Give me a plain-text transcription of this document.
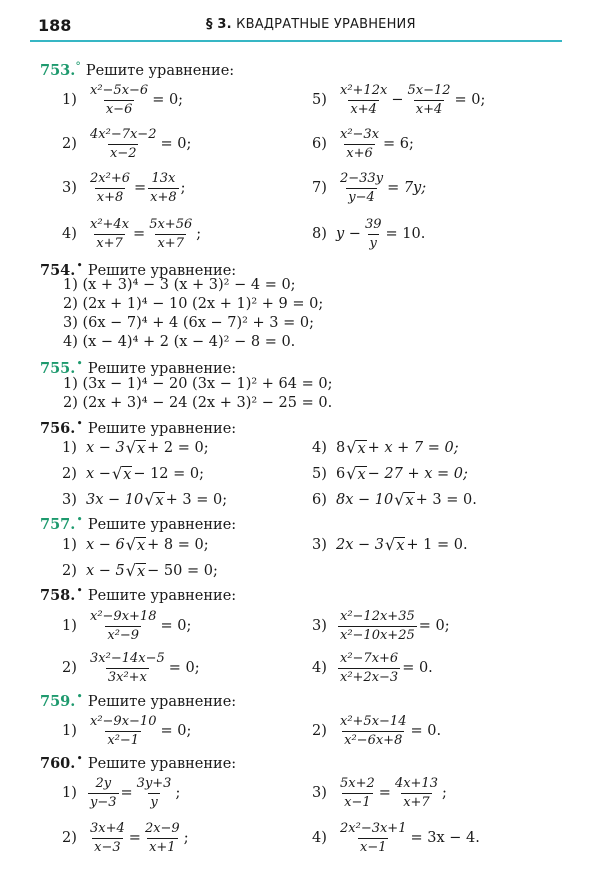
188	§ 3. КВАДРАТНЫЕ УРАВНЕНИЯ
753.° Решите уравнение:
$1) \frac{\text{x²−5x−6}}{x-6} = 0$;
$2) \frac{\text{4x²−7x−2}}{x-2} = 0$;
$3) \frac{\text{2x²+6}}{x+8} = \frac{13x}{x+8}$ ;
$4) \frac{\text{x²+4x}}{x+7} = \frac{5x+56}{x+7}$ ;
$5) \frac{\text{x²+12x}}{x+4} - \frac{5x-12}{x+4} = 0$;
$6) \frac{\text{x²−3x}}{x+6} = 6$;
$7) \frac{2-33y}{y-4} = 7y$;
8) $y - \frac{39}{y} = 10$.
754.• Решите уравнение:
1) (x + 3)⁴ − 3 (x + 3)² − 4 = 0;
2) (2x + 1)⁴ − 10 (2x + 1)² + 9 = 0;
3) (6x − 7)⁴ + 4 (6x − 7)² + 3 = 0;
4) (x − 4)⁴ + 2 (x − 4)² − 8 = 0.
755.• Решите уравнение:
1) (3x − 1)⁴ − 20 (3x − 1)² + 64 = 0;
2) (2x + 3)⁴ − 24 (2x + 3)² − 25 = 0.
756.• Решите уравнение:
1) x − 3 √ x + 2 = 0;
2) x − √ x − 12 = 0;
3) 3x − 10 √ x + 3 = 0;
4) 8 √ x + x + 7 = 0;
5) 6 √ x − 27 + x = 0;
6) 8x − 10 √ x + 3 = 0.
757.• Решите уравнение:
1) x − 6 √ x + 8 = 0;
2) x − 5 √ x − 50 = 0;
3) 2x − 3 √ x + 1 = 0.
758.• Решите уравнение:
$1) \frac{\text{x²−9x+18}}{\text{x²−9}} = 0$;
$2) \frac{\text{3x²−14x−5}}{\text{3x²+x}} = 0$;
$3) \frac{\text{x²−12x+35}}{\text{x²−10x+25}} = 0$;
$4) \frac{\text{x²−7x+6}}{\text{x²+2x−3}} = 0$.
759.• Решите уравнение:
$1) \frac{\text{x²−9x−10}}{\text{x²−1}} = 0$;	$2) \frac{\text{x²+5x−14}}{\text{x²−6x+8}} = 0$.
760.• Решите уравнение:
$1) \frac{2y}{y-3} = \frac{3y+3}{y}$ ;
$2) \frac{3x+4}{x-3} = \frac{2x-9}{x+1}$ ;
$3) \frac{5x+2}{x-1} = \frac{4x+13}{x+7}$ ;
$4) \frac{\text{2x²−3x+1}}{x-1} = 3x - 4$.
